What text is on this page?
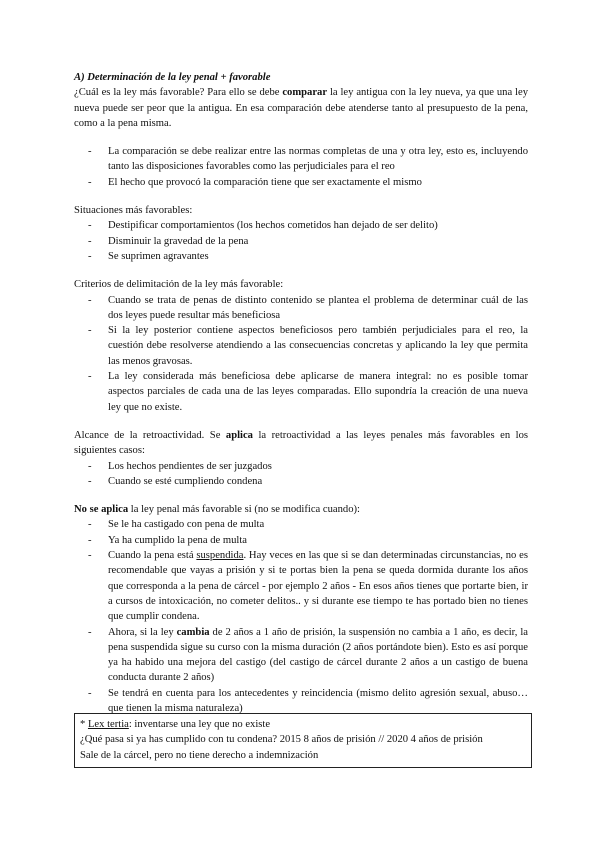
A) Determinación de la ley penal + favorable

¿Cuál es la ley más favorable? Para ello se debe comparar la ley antigua con la ley nueva, ya que una ley nueva puede ser peor que la antigua. En esa comparación debe atenderse tanto al presupuesto de la pena, como a la pena misma.

- La comparación se debe realizar entre las normas completas de una y otra ley, esto es, incluyendo tanto las disposiciones favorables como las perjudiciales para el reo
- El hecho que provocó la comparación tiene que ser exactamente el mismo

Situaciones más favorables:

- Destipificar comportamientos (los hechos cometidos han dejado de ser delito)
- Disminuir la gravedad de la pena
- Se suprimen agravantes

Criterios de delimitación de la ley más favorable:

- Cuando se trata de penas de distinto contenido se plantea el problema de determinar cuál de las dos leyes puede resultar más beneficiosa
- Si la ley posterior contiene aspectos beneficiosos pero también perjudiciales para el reo, la cuestión debe resolverse atendiendo a las consecuencias concretas y aplicando la ley que permita las menos gravosas.
- La ley considerada más beneficiosa debe aplicarse de manera integral: no es posible tomar aspectos parciales de cada una de las leyes comparadas. Ello supondría la creación de una nueva ley que no existe.

Alcance de la retroactividad. Se aplica la retroactividad a las leyes penales más favorables en los siguientes casos:

- Los hechos pendientes de ser juzgados
- Cuando se esté cumpliendo condena

No se aplica la ley penal más favorable si (no se modifica cuando):

- Se le ha castigado con pena de multa
- Ya ha cumplido la pena de multa
- Cuando la pena está suspendida. Hay veces en las que si se dan determinadas circunstancias, no es recomendable que vayas a prisión y si te portas bien la pena se queda dormida durante los años que corresponda a la pena de cárcel - por ejemplo 2 años - En esos años tienes que portarte bien, ir a cursos de intoxicación, no cometer delitos.. y si durante ese tiempo te has portado bien no tienes que cumplir condena.
- Ahora, si la ley cambia de 2 años a 1 año de prisión, la suspensión no cambia a 1 año, es decir, la pena suspendida sigue su curso con la misma duración (2 años portándote bien). Esto es así porque ya ha habido una mejora del castigo (del castigo de cárcel durante 2 años a un castigo de buena conducta durante 2 años)
- Se tendrá en cuenta para los antecedentes y reincidencia (mismo delito agresión sexual, abuso… que tienen la misma naturaleza)
* Lex tertia: inventarse una ley que no existe
¿Qué pasa si ya has cumplido con tu condena? 2015 8 años de prisión // 2020 4 años de prisión
Sale de la cárcel, pero no tiene derecho a indemnización
